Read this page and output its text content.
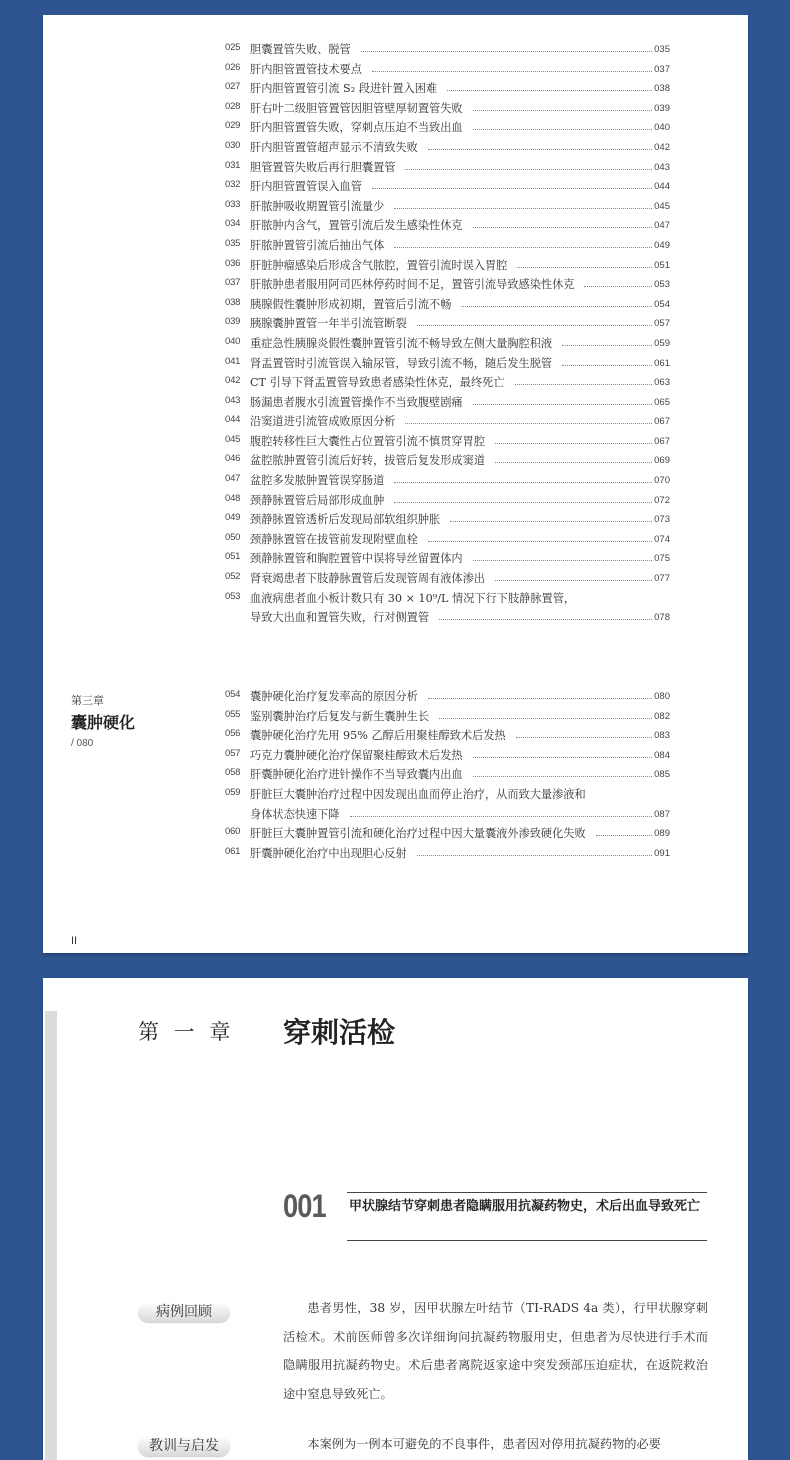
025 胆囊置管失败、脱管	035
026 肝内胆管置管技术要点	037
027 肝内胆管置管引流 S₂ 段进针置入困难	038
028 肝右叶二级胆管置管因胆管壁厚韧置管失败	039
029 肝内胆管置管失败，穿刺点压迫不当致出血	040
030 肝内胆管置管超声显示不清致失败	042
031 胆管置管失败后再行胆囊置管	043
032 肝内胆管置管误入血管	044
033 肝脓肿吸收期置管引流量少	045
034 肝脓肿内含气，置管引流后发生感染性休克	047
035 肝脓肿置管引流后抽出气体	049
036 肝脏肿瘤感染后形成含气脓腔，置管引流时误入胃腔	051
037 肝脓肿患者服用阿司匹林停药时间不足，置管引流导致感染性休克	053
038 胰腺假性囊肿形成初期，置管后引流不畅	054
039 胰腺囊肿置管一年半引流管断裂	057
040 重症急性胰腺炎假性囊肿置管引流不畅导致左侧大量胸腔积液	059
041 肾盂置管时引流管误入输尿管，导致引流不畅，随后发生脱管	061
042 CT 引导下肾盂置管导致患者感染性休克，最终死亡	063
043 肠漏患者腹水引流置管操作不当致腹壁剧痛	065
044 沿窦道进引流管成败原因分析	067
045 腹腔转移性巨大囊性占位置管引流不慎贯穿胃腔	067
046 盆腔脓肿置管引流后好转，拔管后复发形成窦道	069
047 盆腔多发脓肿置管误穿肠道	070
048 颈静脉置管后局部形成血肿	072
049 颈静脉置管透析后发现局部软组织肿胀	073
050 颈静脉置管在拔管前发现附壁血栓	074
051 颈静脉置管和胸腔置管中误将导丝留置体内	075
052 肾衰竭患者下肢静脉置管后发现管周有液体渗出	077
053 血液病患者血小板计数只有 30 × 10⁹/L 情况下行下肢静脉置管，
导致大出血和置管失败，行对侧置管	078
第三章
囊肿硬化
/ 080
054 囊肿硬化治疗复发率高的原因分析	080
055 鉴别囊肿治疗后复发与新生囊肿生长	082
056 囊肿硬化治疗先用 95% 乙醇后用聚桂醇致术后发热	083
057 巧克力囊肿硬化治疗保留聚桂醇致术后发热	084
058 肝囊肿硬化治疗进针操作不当导致囊内出血	085
059 肝脏巨大囊肿治疗过程中因发现出血而停止治疗，从而致大量渗液和
身体状态快速下降	087
060 肝脏巨大囊肿置管引流和硬化治疗过程中因大量囊液外渗致硬化失败	089
061 肝囊肿硬化治疗中出现胆心反射	091
II
第 一 章 穿刺活检
001 甲状腺结节穿刺患者隐瞒服用抗凝药物史，术后出血导致死亡
病例回顾	患者男性，38 岁，因甲状腺左叶结节（TI-RADS 4a 类），行甲状腺穿刺活检术。术前医师曾多次详细询问抗凝药物服用史，但患者为尽快进行手术而隐瞒服用抗凝药物史。术后患者离院返家途中突发颈部压迫症状，在返院救治途中窒息导致死亡。
教训与启发	本案例为一例本可避免的不良事件，患者因对停用抗凝药物的必要
